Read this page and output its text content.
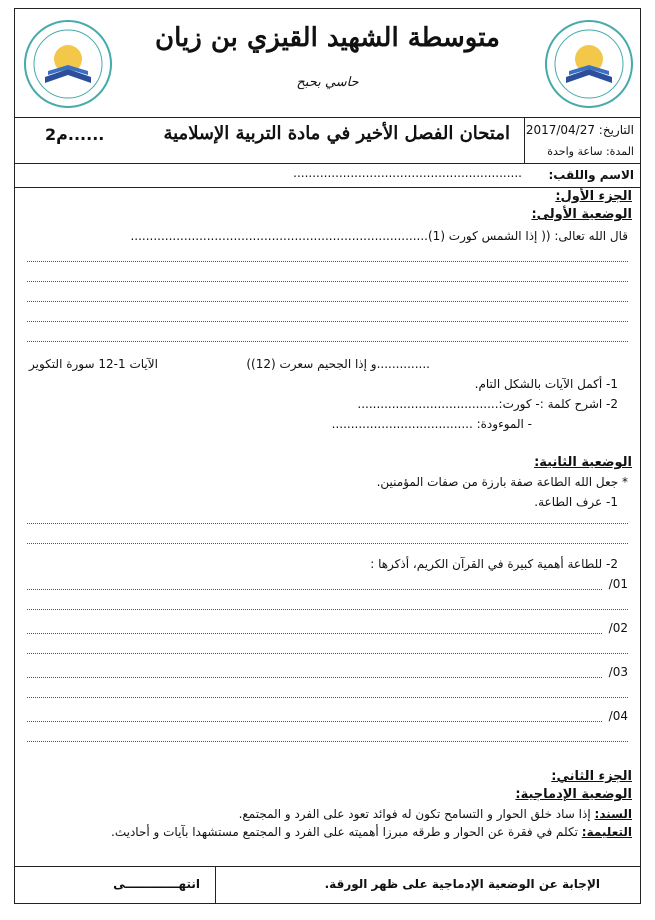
متوسطة الشهيد القيزي بن زيان
حاسي بحبح
التاريخ: 2017/04/27
المدة: ساعة واحدة
امتحان الفصل الأخير في مادة التربية الإسلامية
2م......
الاسم واللقب:
............................................................
الجزء الأول:
الوضعية الأولى:
قال الله تعالى: (( إذا الشمس كورت (1)..............................................................................
..............و إذا الجحيم سعرت (12))
الآيات 1-12 سورة التكوير
1- أكمل الآيات بالشكل التام.
2- اشرح كلمة :- كورت:.....................................
- الموءودة: .....................................
الوضعية الثانية:
* جعل الله الطاعة صفة بارزة من صفات المؤمنين.
1- عرف الطاعة.
2- للطاعة أهمية كبيرة في القرآن الكريم، أذكرها :
01/
02/
03/
04/
الجزء الثاني:
الوضعية الإدماجية:
السند: إذا ساد خلق الحوار و التسامح تكون له فوائد تعود على الفرد و المجتمع.
التعليمة: تكلم في فقرة عن الحوار و طرقه مبرزا أهميته على الفرد و المجتمع مستشهدا بآيات و أحاديث.
الإجابة عن الوضعية الإدماجية على ظهر الورقة.
انتهـــــــــــــى
